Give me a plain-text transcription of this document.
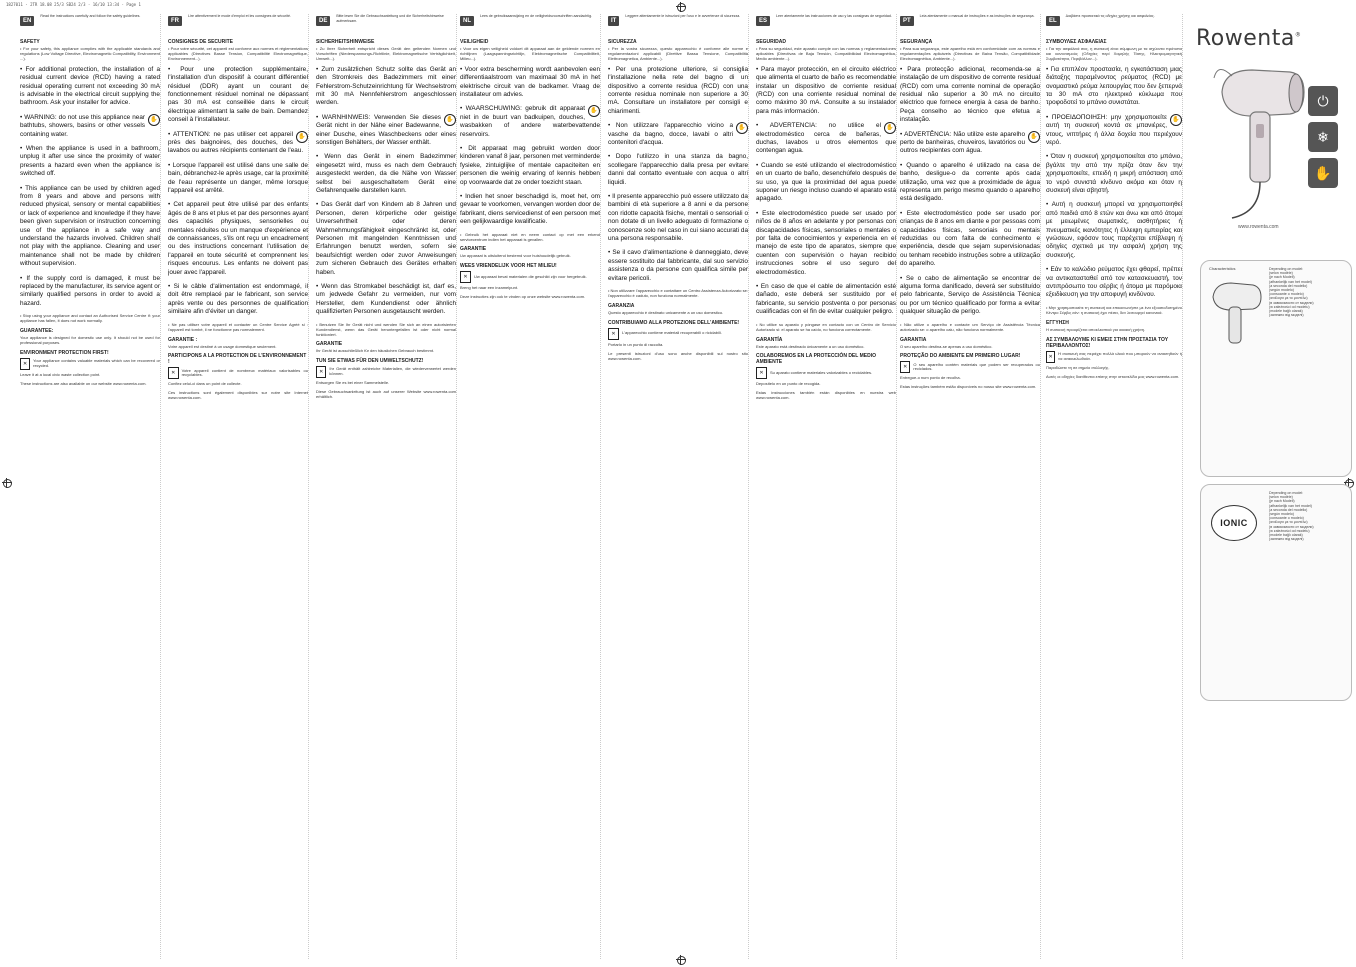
1827011 - 2TR 18.08 25/3 SB24 2/3 · 16/10 13:34 · Page 1
EN
Read the instructions carefully and follow the safety guidelines.
SAFETY
• For your safety, this appliance complies with the applicable standards and regulations (Low Voltage Directive, Electromagnetic Compatibility, Environment ...).
• For additional protection, the installation of a residual current device (RCD) having a rated residual operating current not exceeding 30 mA is advisable in the electrical circuit supplying the bathroom. Ask your installer for advice.
✋
• WARNING: do not use this appliance near bathtubs, showers, basins or other vessels containing water.
• When the appliance is used in a bathroom, unplug it after use since the proximity of water presents a hazard even when the appliance is switched off.
• This appliance can be used by children aged from 8 years and above and persons with reduced physical, sensory or mental capabilities or lack of experience and knowledge if they have been given supervision or instruction concerning use of the appliance in a safe way and understand the hazards involved. Children shall not play with the appliance. Cleaning and user maintenance shall not be made by children without supervision.
• If the supply cord is damaged, it must be replaced by the manufacturer, its service agent or similarly qualified persons in order to avoid a hazard.
• Stop using your appliance and contact an Authorised Service Centre if: your appliance has fallen, it does not work normally.
GUARANTEE:
Your appliance is designed for domestic use only. It should not be used for professional purposes.
ENVIRONMENT PROTECTION FIRST!
✕
Your appliance contains valuable materials which can be recovered or recycled.
Leave it at a local civic waste collection point.
These instructions are also available on our website www.rowenta.com.
FR
Lire attentivement le mode d'emploi et les consignes de sécurité.
CONSIGNES DE SECURITE
• Pour votre sécurité, cet appareil est conforme aux normes et réglementations applicables (Directives Basse Tension, Compatibilité Electromagnétique, Environnement...).
• Pour une protection supplémentaire, l'installation d'un dispositif à courant différentiel résiduel (DDR) ayant un courant de fonctionnement résiduel nominal ne dépassant pas 30 mA est conseillée dans le circuit électrique alimentant la salle de bain. Demandez conseil à l'installateur.
✋
• ATTENTION: ne pas utiliser cet appareil près des baignoires, des douches, des lavabos ou autres récipients contenant de l'eau.
• Lorsque l'appareil est utilisé dans une salle de bain, débranchez-le après usage, car la proximité de l'eau représente un danger, même lorsque l'appareil est arrêté.
• Cet appareil peut être utilisé par des enfants âgés de 8 ans et plus et par des personnes ayant des capacités physiques, sensorielles ou mentales réduites ou un manque d'expérience et de connaissances, s'ils ont reçu un encadrement ou des instructions concernant l'utilisation de l'appareil en toute sécurité et comprennent les risques encourus. Les enfants ne doivent pas jouer avec l'appareil.
• Si le câble d'alimentation est endommagé, il doit être remplacé par le fabricant, son service après vente ou des personnes de qualification similaire afin d'éviter un danger.
• Ne pas utiliser votre appareil et contacter un Centre Service Agréé si : l'appareil est tombé, il ne fonctionne pas normalement.
GARANTIE :
Votre appareil est destiné à un usage domestique seulement.
PARTICIPONS A LA PROTECTION DE L'ENVIRONNEMENT !
✕
Votre appareil contient de nombreux matériaux valorisables ou recyclables.
Confiez celui-ci dans un point de collecte.
Ces instructions sont également disponibles sur notre site Internet www.rowenta.com.
DE
Bitte lesen Sie die Gebrauchsanleitung und die Sicherheitshinweise aufmerksam.
SICHERHEITSHINWEISE
• Zu Ihrer Sicherheit entspricht dieses Gerät den geltenden Normen und Vorschriften (Niederspannungs-Richtlinie, Elektromagnetische Verträglichkeit, Umwelt...).
• Zum zusätzlichen Schutz sollte das Gerät an den Stromkreis des Badezimmers mit einer Fehlerstrom-Schutzeinrichtung für Wechselstrom mit 30 mA Nennfehlerstrom angeschlossen werden.
✋
• WARNHINWEIS: Verwenden Sie dieses Gerät nicht in der Nähe einer Badewanne, einer Dusche, eines Waschbeckens oder eines sonstigen Behälters, der Wasser enthält.
• Wenn das Gerät in einem Badezimmer eingesetzt wird, muss es nach dem Gebrauch ausgesteckt werden, da die Nähe von Wasser selbst bei ausgeschaltetem Gerät eine Gefahrenquelle darstellen kann.
• Das Gerät darf von Kindern ab 8 Jahren und Personen, deren körperliche oder geistige Unversehrtheit oder deren Wahrnehmungsfähigkeit eingeschränkt ist, oder Personen mit mangelnden Kenntnissen und Erfahrungen benutzt werden, sofern sie beaufsichtigt werden oder zuvor Anweisungen zum sicheren Gebrauch des Gerätes erhalten haben.
• Wenn das Stromkabel beschädigt ist, darf es, um jedwede Gefahr zu vermeiden, nur vom Hersteller, dem Kundendienst oder ähnlich qualifizierten Personen ausgetauscht werden.
• Benutzen Sie Ihr Gerät nicht und wenden Sie sich an einen autorisierten Kundendienst, wenn das Gerät heruntergefallen ist oder nicht normal funktioniert.
GARANTIE
Ihr Gerät ist ausschließlich für den häuslichen Gebrauch bestimmt.
TUN SIE ETWAS FÜR DEN UMWELTSCHUTZ!
✕
Ihr Gerät enthält zahlreiche Materialien, die wiederverwertet werden können.
Entsorgen Sie es bei einer Sammelstelle.
Diese Gebrauchsanleitung ist auch auf unserer Website www.rowenta.com erhältlich.
NL
Lees de gebruiksaanwijzing en de veiligheidsvoorschriften aandachtig.
VEILIGHEID
• Voor uw eigen veiligheid voldoet dit apparaat aan de geldende normen en richtlijnen (Laagspanningsrichtlijn, Elektromagnetische Compatibiliteit, Milieu...).
• Voor extra bescherming wordt aanbevolen een differentiaalstroom van maximaal 30 mA in het elektrische circuit van de badkamer. Vraag de installateur om advies.
✋
• WAARSCHUWING: gebruik dit apparaat niet in de buurt van badkuipen, douches, wasbakken of andere waterbevattende reservoirs.
• Dit apparaat mag gebruikt worden door kinderen vanaf 8 jaar, personen met verminderde fysieke, zintuiglijke of mentale capaciteiten en personen die weinig ervaring of kennis hebben op voorwaarde dat ze onder toezicht staan.
• Indien het snoer beschadigd is, moet het, om gevaar te voorkomen, vervangen worden door de fabrikant, diens servicedienst of een persoon met een gelijkwaardige kwalificatie.
• Gebruik het apparaat niet en neem contact op met een erkend servicecentrum indien het apparaat is gevallen.
GARANTIE
Uw apparaat is uitsluitend bestemd voor huishoudelijk gebruik.
WEES VRIENDELIJK VOOR HET MILIEU!
✕	Uw apparaat bevat materialen die geschikt zijn voor hergebruik.
Breng het naar een inzamelpunt.
Deze instructies zijn ook te vinden op onze website www.rowenta.com.
IT
Leggere attentamente le istruzioni per l'uso e le avvertenze di sicurezza.
SICUREZZA
• Per la vostra sicurezza, questo apparecchio è conforme alle norme e regolamentazioni applicabili (Direttive Bassa Tensione, Compatibilità Elettromagnetica, Ambiente...).
• Per una protezione ulteriore, si consiglia l'installazione nella rete del bagno di un dispositivo a corrente residua (RCD) con una corrente residua nominale non superiore a 30 mA. Consultare un installatore per consigli e chiarimenti.
✋
• Non utilizzare l'apparecchio vicino a vasche da bagno, docce, lavabi o altri contenitori d'acqua.
• Dopo l'utilizzo in una stanza da bagno, scollegare l'apparecchio dalla presa per evitare danni dal contatto eventuale con acqua o altri liquidi.
• Il presente apparecchio può essere utilizzato da bambini di età superiore a 8 anni e da persone con ridotte capacità fisiche, mentali o sensoriali o non dotate di un livello adeguato di formazione o conoscenze solo nel caso in cui siano accurati da una persona responsabile.
• Se il cavo d'alimentazione è danneggiato, deve essere sostituito dal fabbricante, dal suo servizio assistenza o da persone con qualifica simile per evitare pericoli.
• Non utilizzare l'apparecchio e contattare un Centro Assistenza Autorizzato se: l'apparecchio è caduto, non funziona normalmente.
GARANZIA
Questo apparecchio è destinato unicamente a un uso domestico.
CONTRIBUIAMO ALLA PROTEZIONE DELL'AMBIENTE!
✕	L'apparecchio contiene materiali recuperabili o riciclabili.
Portarlo in un punto di raccolta.
Le presenti istruzioni d'uso sono anche disponibili sul nostro sito www.rowenta.com.
ES
Leer atentamente las instrucciones de uso y las consignas de seguridad.
SEGURIDAD
• Para su seguridad, este aparato cumple con las normas y reglamentaciones aplicables (Directivas de Baja Tensión, Compatibilidad Electromagnética, Medio ambiente...).
• Para mayor protección, en el circuito eléctrico que alimenta el cuarto de baño es recomendable instalar un dispositivo de corriente residual (RCD) con una corriente residual nominal de como máximo 30 mA. Consulte a su instalador para más información.
✋
• ADVERTENCIA: no utilice el electrodoméstico cerca de bañeras, duchas, lavabos u otros elementos que contengan agua.
• Cuando se esté utilizando el electrodoméstico en un cuarto de baño, desenchúfelo después de su uso, ya que la proximidad del agua puede suponer un riesgo incluso cuando el aparato está apagado.
• Este electrodoméstico puede ser usado por niños de 8 años en adelante y por personas con discapacidades físicas, sensoriales o mentales o por falta de conocimientos y experiencia en el manejo de este tipo de aparatos, siempre que cuenten con supervisión o hayan recibido instrucciones sobre el uso seguro del electrodoméstico.
• En caso de que el cable de alimentación esté dañado, este deberá ser sustituido por el fabricante, su servicio postventa o por personas cualificadas con el fin de evitar cualquier peligro.
• No utilice su aparato y póngase en contacto con un Centro de Servicio Autorizado si: el aparato se ha caído, no funciona correctamente.
GARANTÍA
Este aparato está destinado únicamente a un uso doméstico.
COLABOREMOS EN LA PROTECCIÓN DEL MEDIO AMBIENTE
✕	Su aparato contiene materiales valorizables o reciclables.
Deposítelo en un punto de recogida.
Estas instrucciones también están disponibles en nuestra web www.rowenta.com.
PT
Leia atentamente o manual de instruções e as instruções de segurança.
SEGURANÇA
• Para sua segurança, este aparelho está em conformidade com as normas e regulamentações aplicáveis (Directivas de Baixa Tensão, Compatibilidade Electromagnética, Ambiente...).
• Para protecção adicional, recomenda-se a instalação de um dispositivo de corrente residual (RCD) com uma corrente nominal de operação residual não superior a 30 mA no circuito eléctrico que fornece energia à casa de banho. Peça conselho ao técnico que efetua a instalação.
✋
• ADVERTÊNCIA: Não utilize este aparelho perto de banheiras, chuveiros, lavatórios ou outros recipientes com água.
• Quando o aparelho é utilizado na casa de banho, desligue-o da corrente após cada utilização, uma vez que a proximidade de água representa um perigo mesmo quando o aparelho está desligado.
• Este electrodoméstico pode ser usado por crianças de 8 anos em diante e por pessoas com capacidades físicas, sensoriais ou mentais reduzidas ou com falta de conhecimento e experiência, desde que sejam supervisionadas ou tenham recebido instruções sobre a utilização do aparelho.
• Se o cabo de alimentação se encontrar de alguma forma danificado, deverá ser substituído pelo fabricante, Serviço de Assistência Técnica ou por um técnico qualificado por forma a evitar qualquer situação de perigo.
• Não utilize o aparelho e contacte um Serviço de Assistência Técnica autorizado se: o aparelho caiu, não funciona normalmente.
GARANTIA
O seu aparelho destina-se apenas a uso doméstico.
PROTEÇÃO DO AMBIENTE EM PRIMEIRO LUGAR!
✕
O seu aparelho contém materiais que podem ser recuperados ou reciclados.
Entregue-o num ponto de recolha.
Estas instruções também estão disponíveis no nosso site www.rowenta.com.
EL
Διαβάστε προσεκτικά τις οδηγίες χρήσης και ασφαλείας.
ΣΥΜΒΟΥΛΕΣ ΑΣΦΑΛΕΙΑΣ
• Για την ασφάλειά σας, η συσκευή είναι σύμφωνη με τα ισχύοντα πρότυπα και κανονισμούς (Οδηγίες περί Χαμηλής Τάσης, Ηλεκτρομαγνητική Συμβατότητα, Περιβάλλον...).
• Για επιπλέον προστασία, η εγκατάσταση μιας διάταξης παραμένοντος ρεύματος (RCD) με ονομαστικό ρεύμα λειτουργίας που δεν ξεπερνά τα 30 mA στο ηλεκτρικό κύκλωμα που τροφοδοτεί το μπάνιο συνιστάται.
✋
• ΠΡΟΕΙΔΟΠΟΙΗΣΗ: μην χρησιμοποιείτε αυτή τη συσκευή κοντά σε μπανιέρες, ντους, νιπτήρες ή άλλα δοχεία που περιέχουν νερό.
• Όταν η συσκευή χρησιμοποιείται στο μπάνιο, βγάλτε την από την πρίζα όταν δεν την χρησιμοποιείτε, επειδή η μικρή απόσταση από το νερό συνιστά κίνδυνο ακόμα και όταν η συσκευή είναι σβηστή.
• Αυτή η συσκευή μπορεί να χρησιμοποιηθεί από παιδιά από 8 ετών και άνω και από άτομα με μειωμένες σωματικές, αισθητήριες ή πνευματικές ικανότητες ή έλλειψη εμπειρίας και γνώσεων, εφόσον τους παρέχεται επίβλεψη ή οδηγίες σχετικά με την ασφαλή χρήση της συσκευής.
• Εάν το καλώδιο ρεύματος έχει φθαρεί, πρέπει να αντικατασταθεί από τον κατασκευαστή, τον αντιπρόσωπο του σέρβις ή άτομα με παρόμοια εξειδίκευση για την αποφυγή κινδύνου.
• Μην χρησιμοποιείτε τη συσκευή και επικοινωνήστε με ένα εξουσιοδοτημένο Κέντρο Σέρβις εάν: η συσκευή έχει πέσει, δεν λειτουργεί κανονικά.
ΕΓΓΥΗΣΗ
Η συσκευή προορίζεται αποκλειστικά για οικιακή χρήση.
ΑΣ ΣΥΜΒΑΛΟΥΜΕ ΚΙ ΕΜΕΙΣ ΣΤΗΝ ΠΡΟΣΤΑΣΙΑ ΤΟΥ ΠΕΡΙΒΑΛΛΟΝΤΟΣ!
✕
Η συσκευή σας περιέχει πολλά υλικά που μπορούν να ανακτηθούν ή να ανακυκλωθούν.
Παραδώστε τη σε σημείο συλλογής.
Αυτές οι οδηγίες διατίθενται επίσης στην ιστοσελίδα μας www.rowenta.com.
Rowenta®
⏻
❄
✋
www.rowenta.com
Characteristics	Depending on model:
(selon modèle)
(je nach Modell)
(afhankelijk van het model)
(a seconda del modello)
(según modelo)
(consoante o modelo)
(ανάλογα με το μοντέλο)
(в зависимости от модели)
(w zależności od modelu)
(modele bağlı olarak)
(залежно від моделі)
IONIC
Depending on model:
(selon modèle)
(je nach Modell)
(afhankelijk van het model)
(a seconda del modello)
(según modelo)
(consoante o modelo)
(ανάλογα με το μοντέλο)
(в зависимости от модели)
(w zależności od modelu)
(modele bağlı olarak)
(залежно від моделі)
